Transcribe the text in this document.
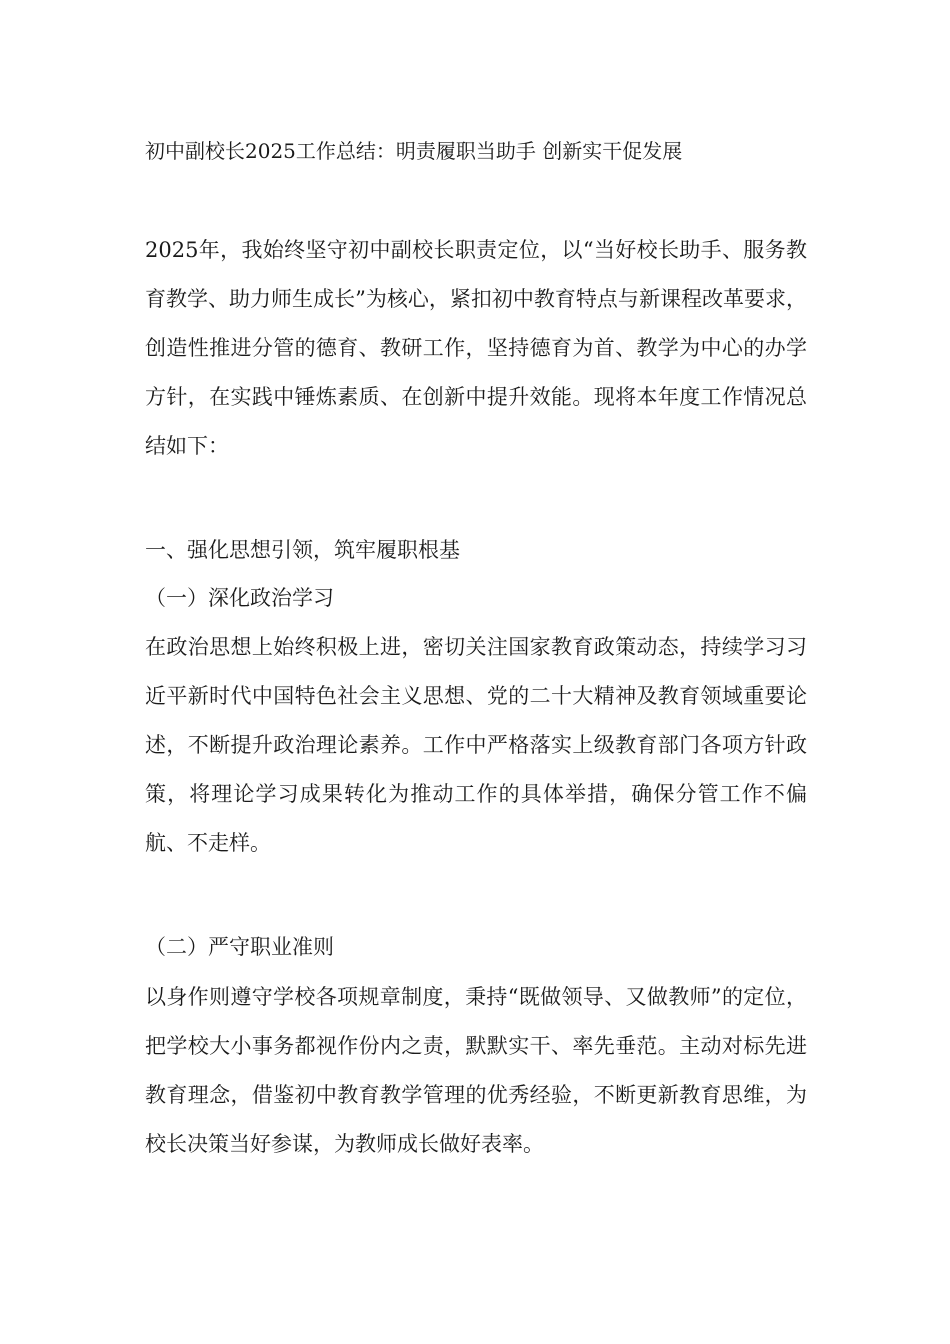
初中副校长2025工作总结：明责履职当助手 创新实干促发展

2025年，我始终坚守初中副校长职责定位，以“当好校长助手、服务教育教学、助力师生成长”为核心，紧扣初中教育特点与新课程改革要求，创造性推进分管的德育、教研工作，坚持德育为首、教学为中心的办学方针，在实践中锤炼素质、在创新中提升效能。现将本年度工作情况总结如下：

一、强化思想引领，筑牢履职根基
（一）深化政治学习

在政治思想上始终积极上进，密切关注国家教育政策动态，持续学习习近平新时代中国特色社会主义思想、党的二十大精神及教育领域重要论述，不断提升政治理论素养。工作中严格落实上级教育部门各项方针政策，将理论学习成果转化为推动工作的具体举措，确保分管工作不偏航、不走样。

（二）严守职业准则

以身作则遵守学校各项规章制度，秉持“既做领导、又做教师”的定位，把学校大小事务都视作份内之责，默默实干、率先垂范。主动对标先进教育理念，借鉴初中教育教学管理的优秀经验，不断更新教育思维，为校长决策当好参谋，为教师成长做好表率。
